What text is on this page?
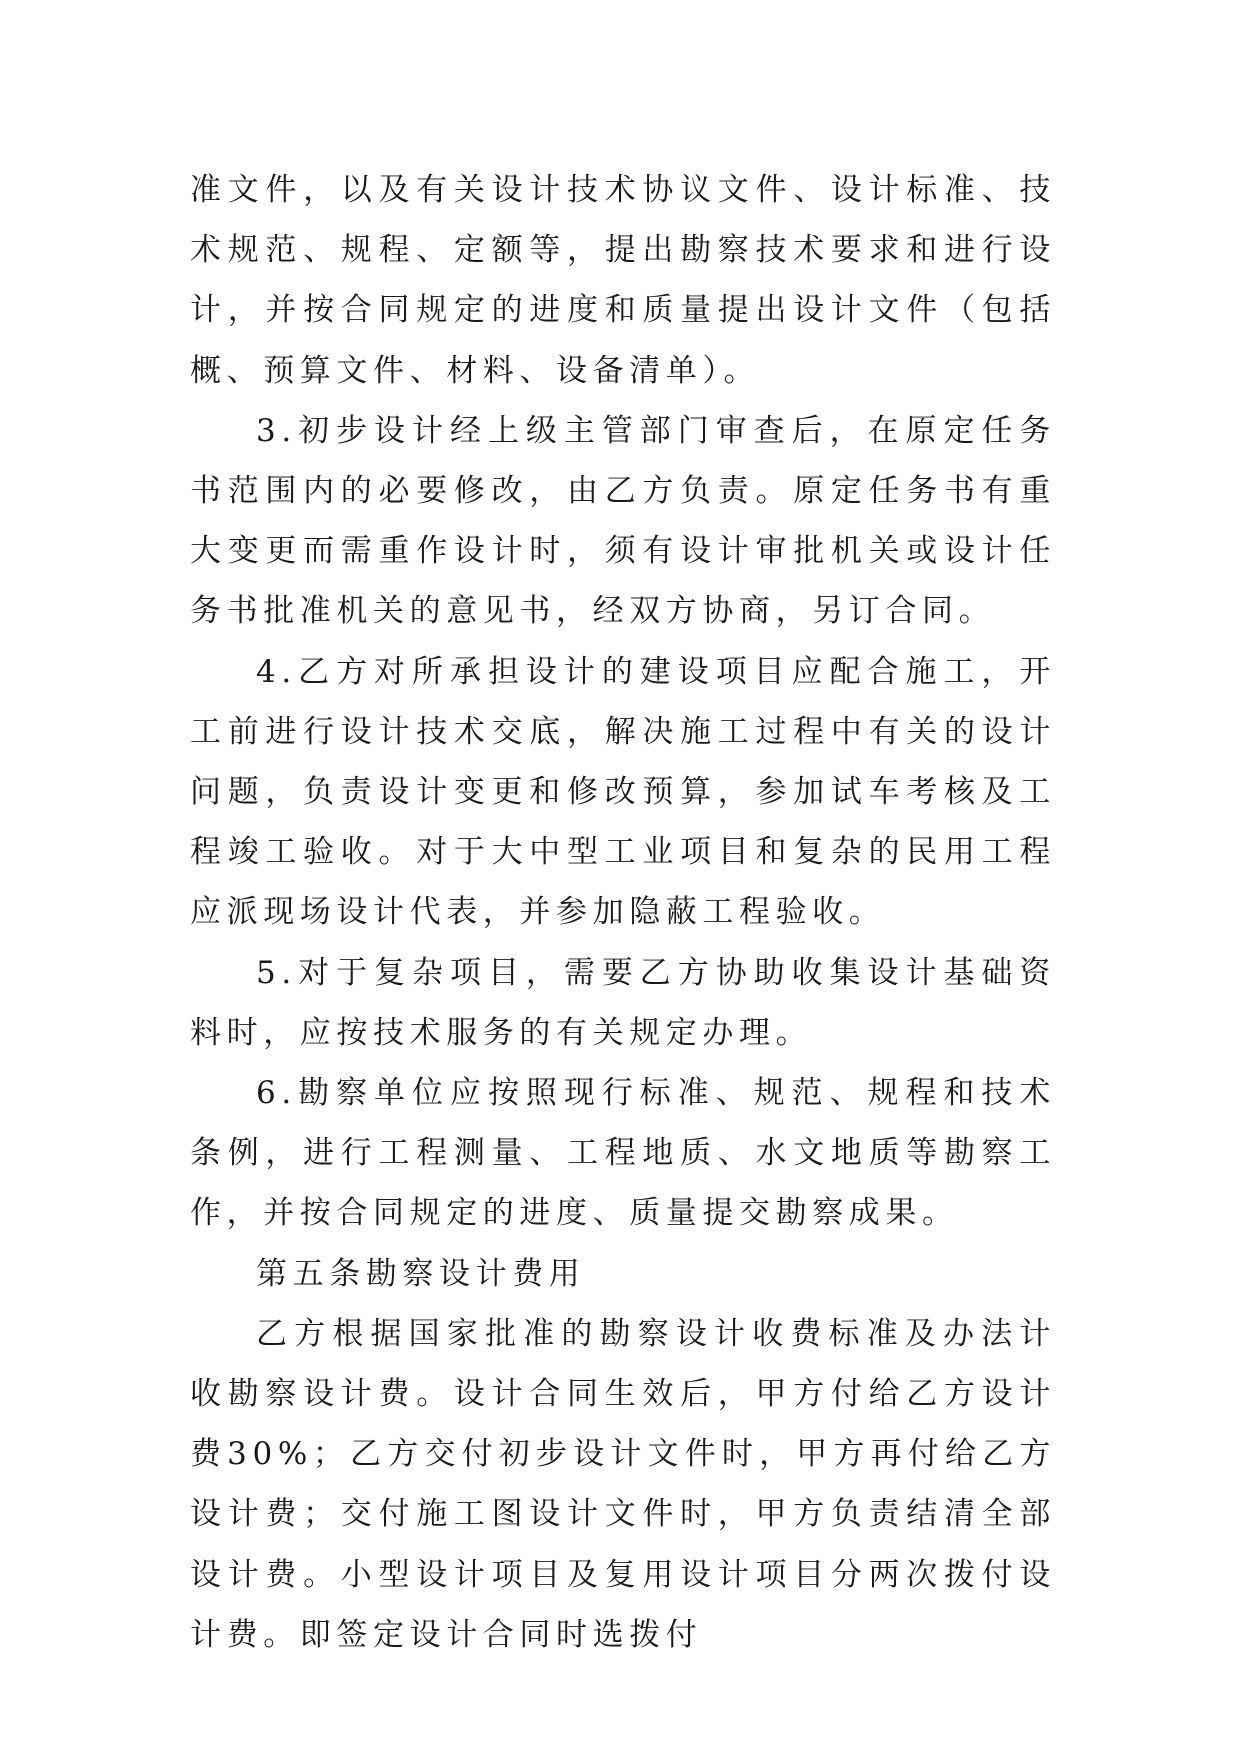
准文件，以及有关设计技术协议文件、设计标准、技术规范、规程、定额等，提出勘察技术要求和进行设计，并按合同规定的进度和质量提出设计文件（包括概、预算文件、材料、设备清单）。

3.初步设计经上级主管部门审查后，在原定任务书范围内的必要修改，由乙方负责。原定任务书有重大变更而需重作设计时，须有设计审批机关或设计任务书批准机关的意见书，经双方协商，另订合同。

4.乙方对所承担设计的建设项目应配合施工，开工前进行设计技术交底，解决施工过程中有关的设计问题，负责设计变更和修改预算，参加试车考核及工程竣工验收。对于大中型工业项目和复杂的民用工程应派现场设计代表，并参加隐蔽工程验收。

5.对于复杂项目，需要乙方协助收集设计基础资料时，应按技术服务的有关规定办理。

6.勘察单位应按照现行标准、规范、规程和技术条例，进行工程测量、工程地质、水文地质等勘察工作，并按合同规定的进度、质量提交勘察成果。

第五条勘察设计费用

乙方根据国家批准的勘察设计收费标准及办法计收勘察设计费。设计合同生效后，甲方付给乙方设计费30%；乙方交付初步设计文件时，甲方再付给乙方设计费；交付施工图设计文件时，甲方负责结清全部设计费。小型设计项目及复用设计项目分两次拨付设计费。即签定设计合同时选拨付
